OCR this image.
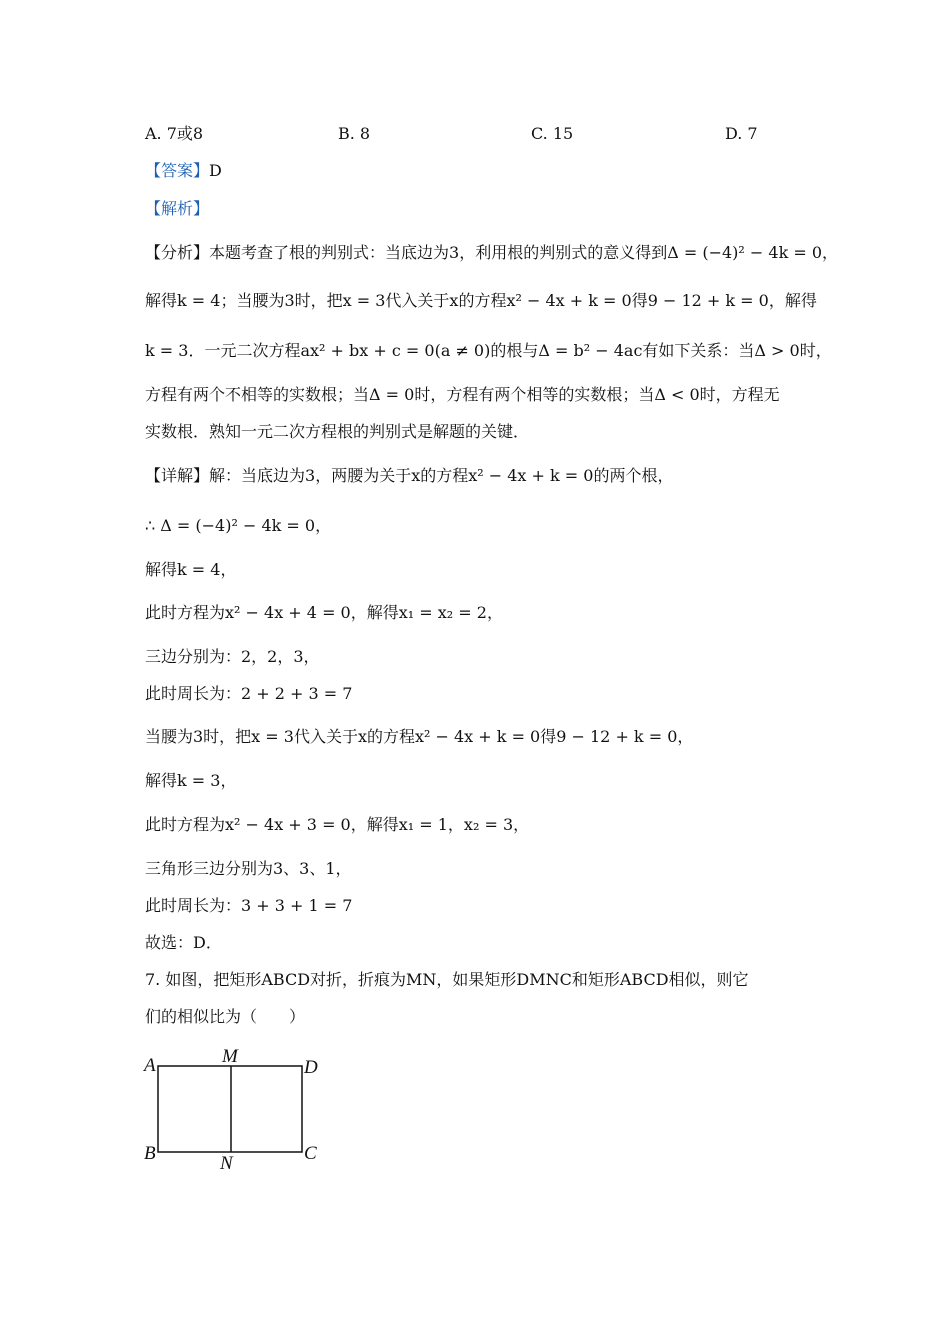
A. 7或8	B. 8	C. 15	D. 7
【答案】D
【解析】
【分析】本题考查了根的判别式：当底边为3，利用根的判别式的意义得到Δ = (−4)² − 4k = 0，
解得k = 4；当腰为3时，把x = 3代入关于x的方程x² − 4x + k = 0得9 − 12 + k = 0，解得
k = 3．一元二次方程ax² + bx + c = 0(a ≠ 0)的根与Δ = b² − 4ac有如下关系：当Δ > 0时，
方程有两个不相等的实数根；当Δ = 0时，方程有两个相等的实数根；当Δ < 0时，方程无
实数根．熟知一元二次方程根的判别式是解题的关键．
【详解】解：当底边为3，两腰为关于x的方程x² − 4x + k = 0的两个根，
∴ Δ = (−4)² − 4k = 0，
解得k = 4，
此时方程为x² − 4x + 4 = 0，解得x₁ = x₂ = 2，
三边分别为：2，2，3，
此时周长为：2 + 2 + 3 = 7
当腰为3时，把x = 3代入关于x的方程x² − 4x + k = 0得9 − 12 + k = 0，
解得k = 3，
此时方程为x² − 4x + 3 = 0，解得x₁ = 1，x₂ = 3，
三角形三边分别为3、3、1，
此时周长为：3 + 3 + 1 = 7
故选：D．
7. 如图，把矩形ABCD对折，折痕为MN，如果矩形DMNC和矩形ABCD相似，则它
们的相似比为（　　）
A	M
D
B	N	C
